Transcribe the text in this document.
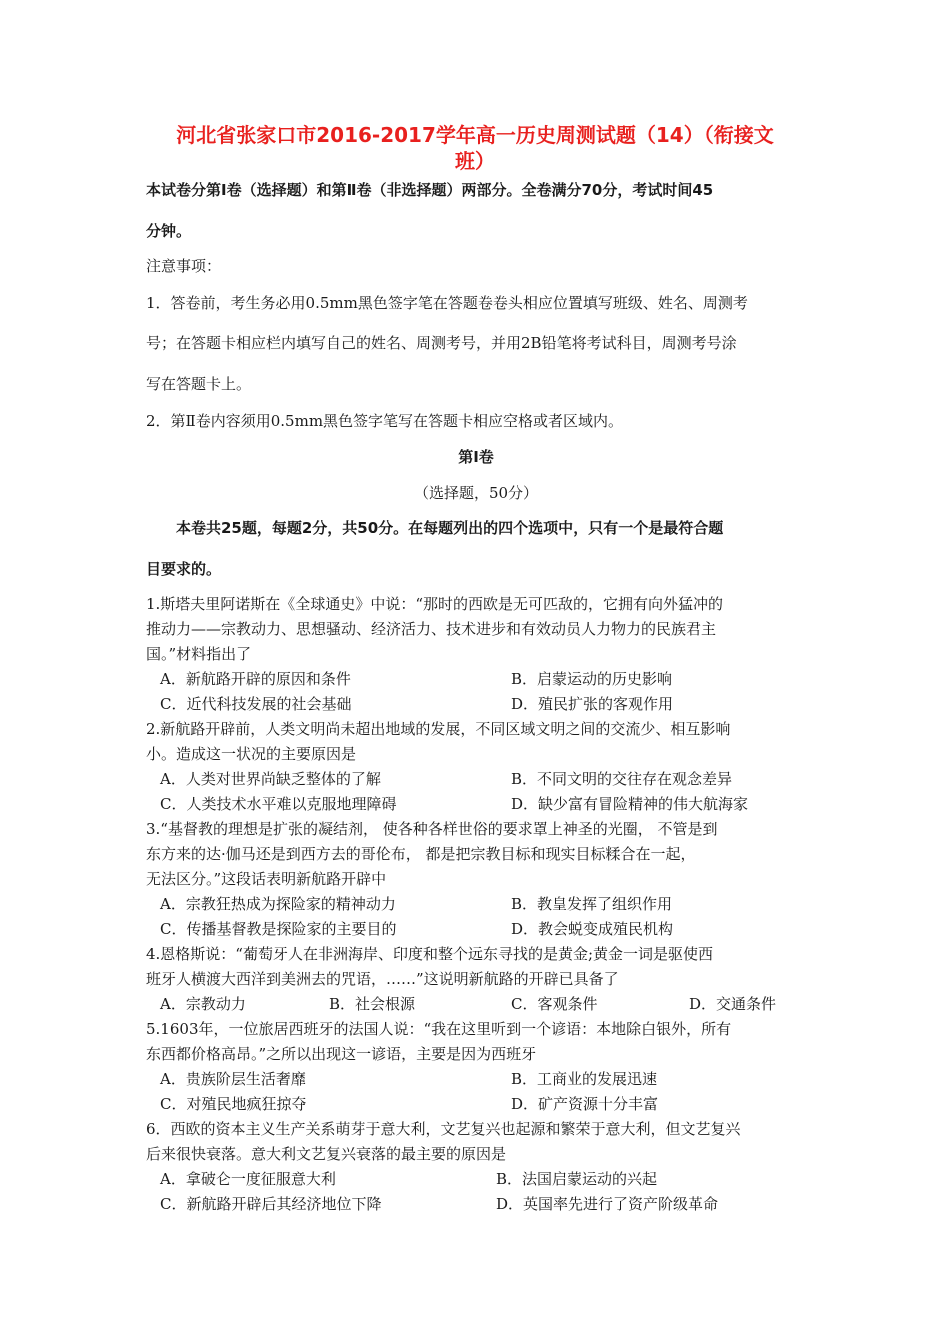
河北省张家口市2016-2017学年高一历史周测试题（14）（衔接文
班）
本试卷分第Ⅰ卷（选择题）和第Ⅱ卷（非选择题）两部分。全卷满分70分，考试时间45
分钟。
注意事项：
1．答卷前，考生务必用0.5mm黑色签字笔在答题卷卷头相应位置填写班级、姓名、周测考
号；在答题卡相应栏内填写自己的姓名、周测考号，并用2B铅笔将考试科目，周测考号涂
写在答题卡上。
2．第Ⅱ卷内容须用0.5mm黑色签字笔写在答题卡相应空格或者区域内。
第Ⅰ卷
（选择题，50分）
本卷共25题，每题2分，共50分。在每题列出的四个选项中，只有一个是最符合题
目要求的。
1.斯塔夫里阿诺斯在《全球通史》中说：“那时的西欧是无可匹敌的，它拥有向外猛冲的
推动力——宗教动力、思想骚动、经济活力、技术进步和有效动员人力物力的民族君主
国。”材料指出了
A．新航路开辟的原因和条件	B．启蒙运动的历史影响
C．近代科技发展的社会基础	D．殖民扩张的客观作用
2.新航路开辟前，人类文明尚未超出地域的发展，不同区域文明之间的交流少、相互影响
小。造成这一状况的主要原因是
A．人类对世界尚缺乏整体的了解	B．不同文明的交往存在观念差异
C．人类技术水平难以克服地理障碍	D．缺少富有冒险精神的伟大航海家
3.“基督教的理想是扩张的凝结剂， 使各种各样世俗的要求罩上神圣的光圈， 不管是到
东方来的达·伽马还是到西方去的哥伦布， 都是把宗教目标和现实目标糅合在一起，
无法区分。”这段话表明新航路开辟中
A．宗教狂热成为探险家的精神动力	B．教皇发挥了组织作用
C．传播基督教是探险家的主要目的	D．教会蜕变成殖民机构
4.恩格斯说：“葡萄牙人在非洲海岸、印度和整个远东寻找的是黄金;黄金一词是驱使西
班牙人横渡大西洋到美洲去的咒语，……”这说明新航路的开辟已具备了
A．宗教动力	B．社会根源	C．客观条件	D．交通条件
5.1603年，一位旅居西班牙的法国人说：“我在这里听到一个谚语：本地除白银外，所有
东西都价格高昂。”之所以出现这一谚语，主要是因为西班牙
A．贵族阶层生活奢靡	B．工商业的发展迅速
C．对殖民地疯狂掠夺	D．矿产资源十分丰富
6．西欧的资本主义生产关系萌芽于意大利，文艺复兴也起源和繁荣于意大利，但文艺复兴
后来很快衰落。意大利文艺复兴衰落的最主要的原因是
A．拿破仑一度征服意大利	B．法国启蒙运动的兴起
C．新航路开辟后其经济地位下降	D．英国率先进行了资产阶级革命
